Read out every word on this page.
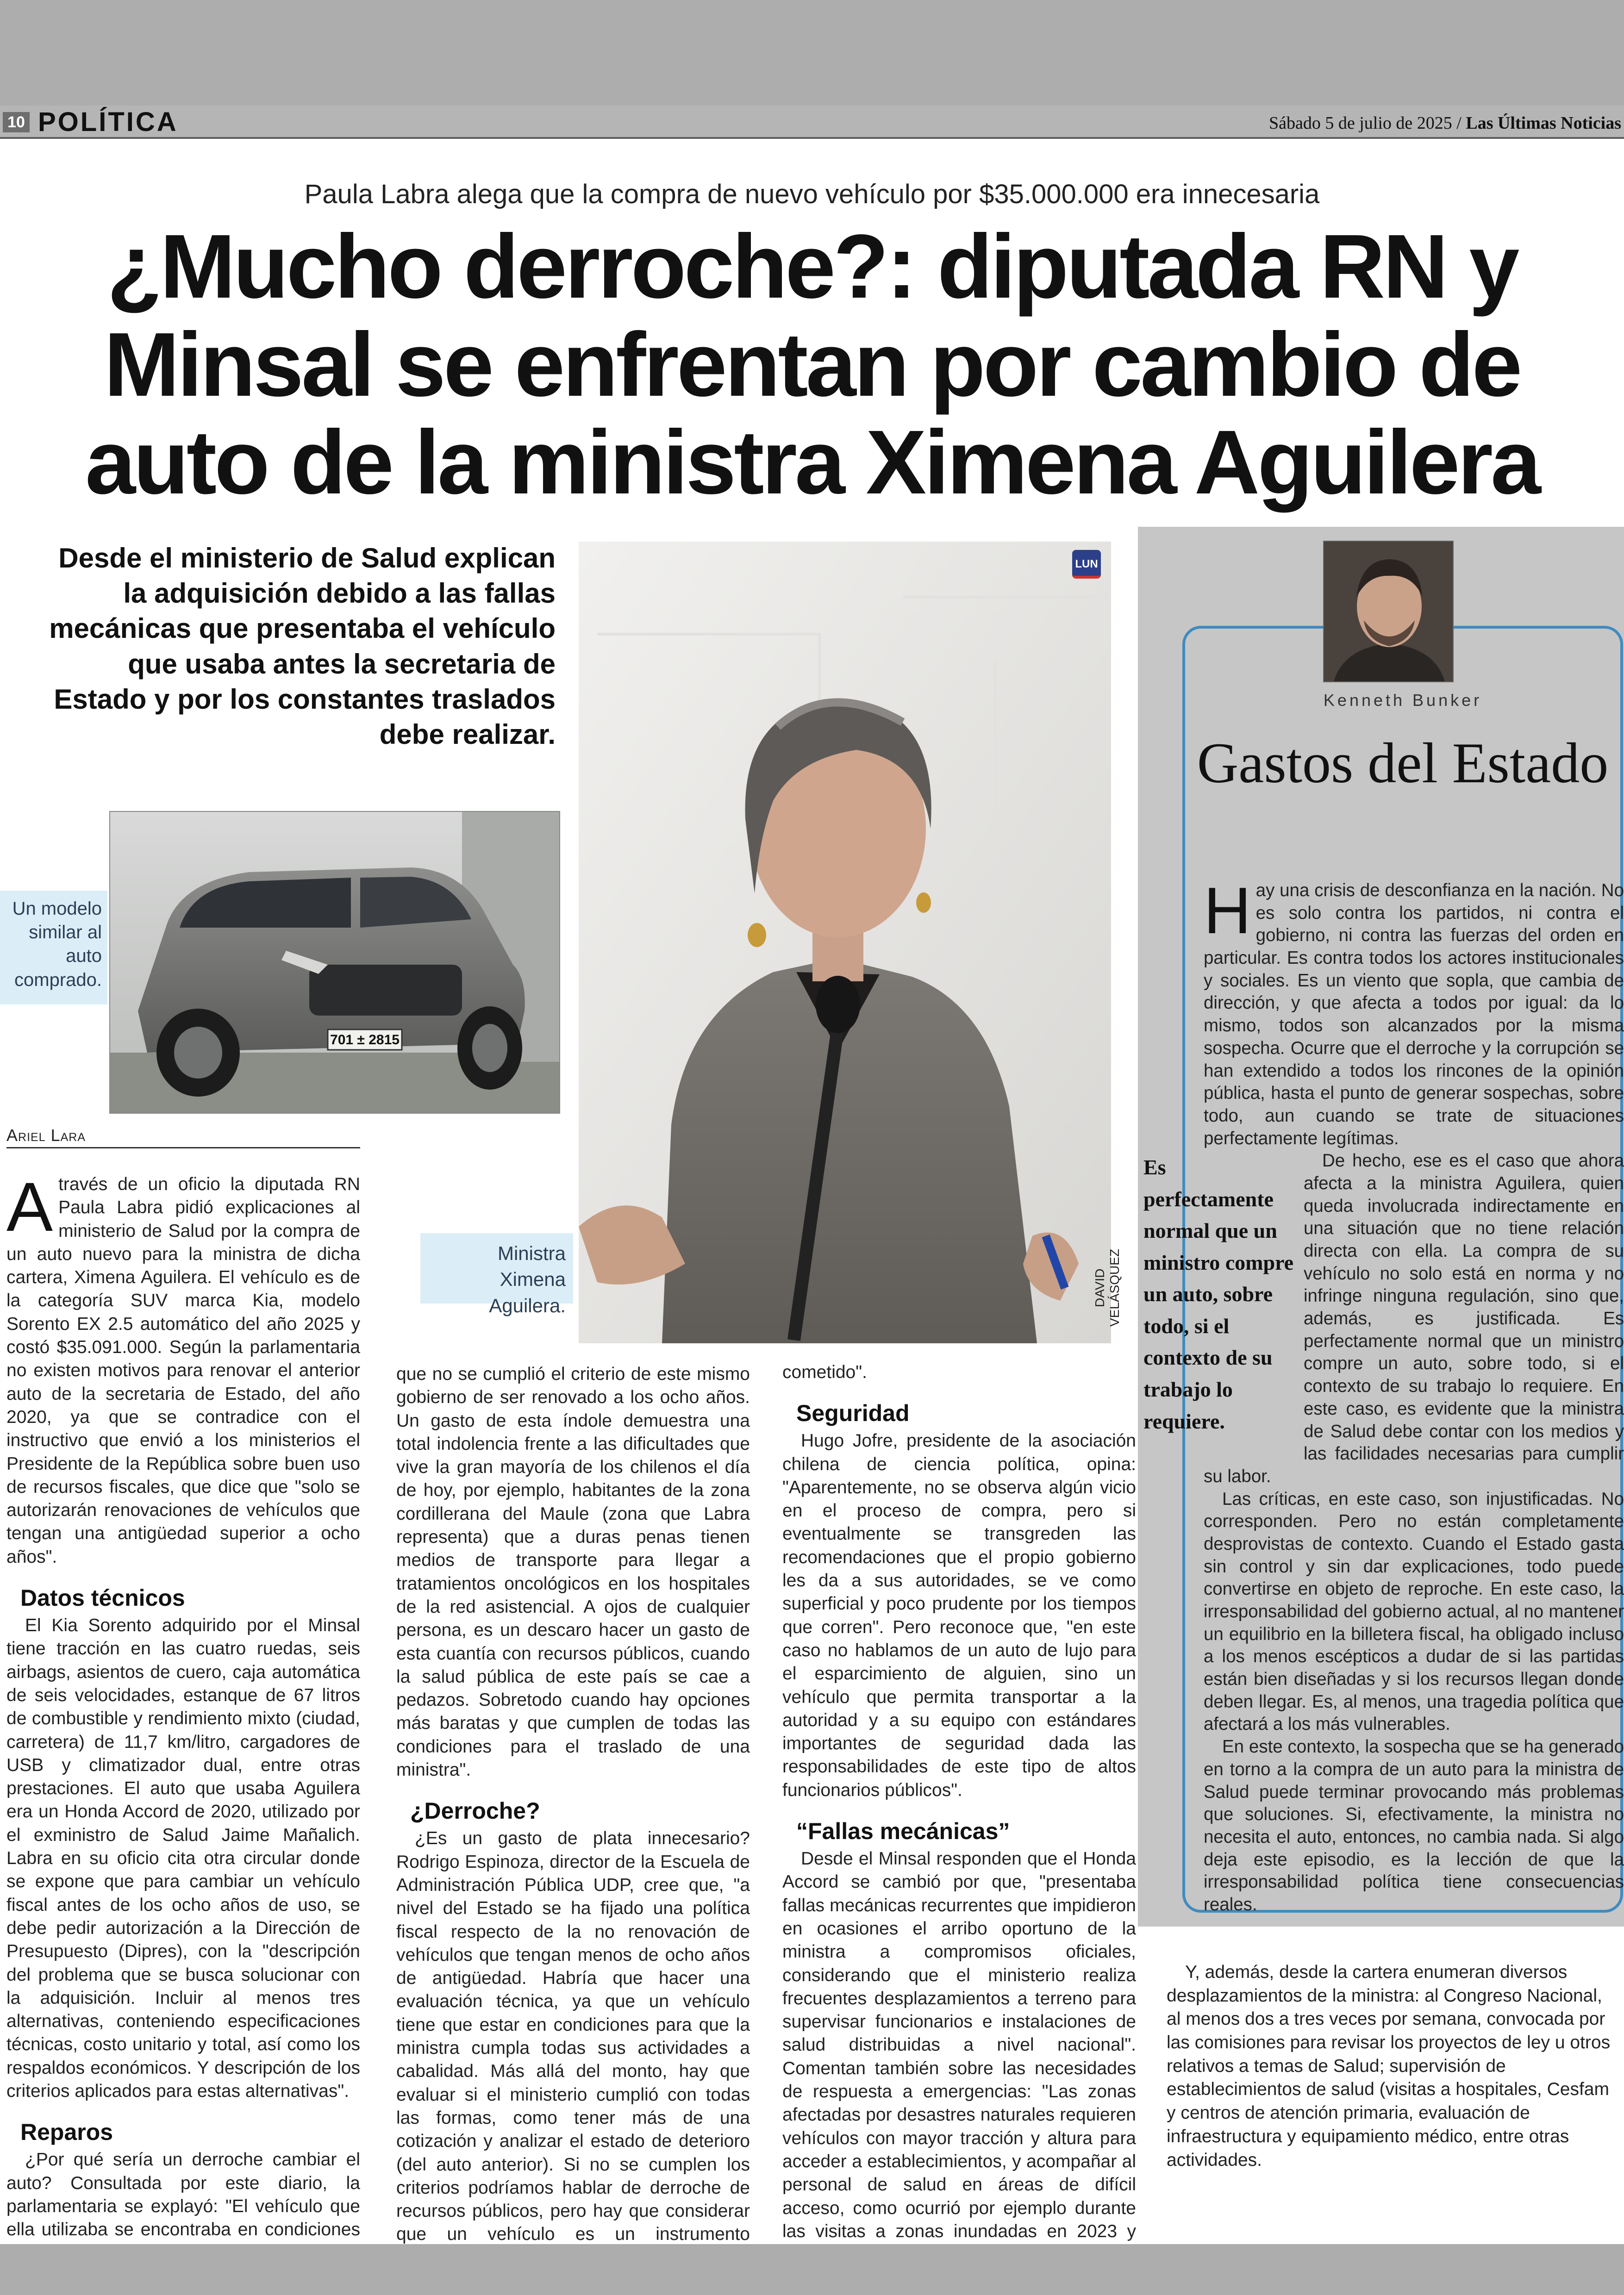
10 POLÍTICA	Sábado 5 de julio de 2025 / Las Últimas Noticias
Paula Labra alega que la compra de nuevo vehículo por $35.000.000 era innecesaria
¿Mucho derroche?: diputada RN y Minsal se enfrentan por cambio de auto de la ministra Ximena Aguilera
Desde el ministerio de Salud explican la adquisición debido a las fallas mecánicas que presentaba el vehículo que usaba antes la secretaria de Estado y por los constantes traslados debe realizar.
701 ± 2815
Un modelo similar al auto comprado.
LUN
DAVID VELÁSQUEZ
Ministra Ximena Aguilera.
Ariel Lara

Através de un oficio la diputada RN Paula Labra pidió explicaciones al ministerio de Salud por la compra de un auto nuevo para la ministra de dicha cartera, Ximena Aguilera. El vehículo es de la categoría SUV marca Kia, modelo Sorento EX 2.5 automático del año 2025 y costó $35.091.000. Según la parlamentaria no existen motivos para renovar el anterior auto de la secretaria de Estado, del año 2020, ya que se contradice con el instructivo que envió a los ministerios el Presidente de la República sobre buen uso de recursos fiscales, que dice que "solo se autorizarán renovaciones de vehículos que tengan una antigüedad superior a ocho años".

Datos técnicos

El Kia Sorento adquirido por el Minsal tiene tracción en las cuatro ruedas, seis airbags, asientos de cuero, caja automática de seis velocidades, estanque de 67 litros de combustible y rendimiento mixto (ciudad, carretera) de 11,7 km/litro, cargadores de USB y climatizador dual, entre otras prestaciones. El auto que usaba Aguilera era un Honda Accord de 2020, utilizado por el exministro de Salud Jaime Mañalich. Labra en su oficio cita otra circular donde se expone que para cambiar un vehículo fiscal antes de los ocho años de uso, se debe pedir autorización a la Dirección de Presupuesto (Dipres), con la "descripción del problema que se busca solucionar con la adquisición. Incluir al menos tres alternativas, conteniendo especificaciones técnicas, costo unitario y total, así como los respaldos económicos. Y descripción de los criterios aplicados para estas alternativas".

Reparos

¿Por qué sería un derroche cambiar el auto? Consultada por este diario, la parlamentaria se explayó: "El vehículo que ella utilizaba se encontraba en condiciones

que no se cumplió el criterio de este mismo gobierno de ser renovado a los ocho años. Un gasto de esta índole demuestra una total indolencia frente a las dificultades que vive la gran mayoría de los chilenos el día de hoy, por ejemplo, habitantes de la zona cordillerana del Maule (zona que Labra representa) que a duras penas tienen medios de transporte para llegar a tratamientos oncológicos en los hospitales de la red asistencial. A ojos de cualquier persona, es un descaro hacer un gasto de esta cuantía con recursos públicos, cuando la salud pública de este país se cae a pedazos. Sobretodo cuando hay opciones más baratas y que cumplen de todas las condiciones para el traslado de una ministra".

¿Derroche?

¿Es un gasto de plata innecesario? Rodrigo Espinoza, director de la Escuela de Administración Pública UDP, cree que, "a nivel del Estado se ha fijado una política fiscal respecto de la no renovación de vehículos que tengan menos de ocho años de antigüedad. Habría que hacer una evaluación técnica, ya que un vehículo tiene que estar en condiciones para que la ministra cumpla todas sus actividades a cabalidad. Más allá del monto, hay que evaluar si el ministerio cumplió con todas las formas, como tener más de una cotización y analizar el estado de deterioro (del auto anterior). Si no se cumplen los criterios podríamos hablar de derroche de recursos públicos, pero hay que considerar que un vehículo es un instrumento

cometido".

Seguridad

Hugo Jofre, presidente de la asociación chilena de ciencia política, opina: "Aparentemente, no se observa algún vicio en el proceso de compra, pero si eventualmente se transgreden las recomendaciones que el propio gobierno les da a sus autoridades, se ve como superficial y poco prudente por los tiempos que corren". Pero reconoce que, "en este caso no hablamos de un auto de lujo para el esparcimiento de alguien, sino un vehículo que permita transportar a la autoridad y a su equipo con estándares importantes de seguridad dada las responsabilidades de este tipo de altos funcionarios públicos".

“Fallas mecánicas”

Desde el Minsal responden que el Honda Accord se cambió por que, "presentaba fallas mecánicas recurrentes que impidieron en ocasiones el arribo oportuno de la ministra a compromisos oficiales, considerando que el ministerio realiza frecuentes desplazamientos a terreno para supervisar funcionarios e instalaciones de salud distribuidas a nivel nacional". Comentan también sobre las necesidades de respuesta a emergencias: "Las zonas afectadas por desastres naturales requieren vehículos con mayor tracción y altura para acceder a establecimientos, y acompañar al personal de salud en áreas de difícil acceso, como ocurrió por ejemplo durante las visitas a zonas inundadas en 2023 y

Kenneth Bunker
Gastos del Estado

Hay una crisis de desconfianza en la nación. No es solo contra los partidos, ni contra el gobierno, ni contra las fuerzas del orden en particular. Es contra todos los actores institucionales y sociales. Es un viento que sopla, que cambia de dirección, y que afecta a todos por igual: da lo mismo, todos son alcanzados por la misma sospecha. Ocurre que el derroche y la corrupción se han extendido a todos los rincones de la opinión pública, hasta el punto de generar sospechas, sobre todo, aun cuando se trate de situaciones perfectamente legítimas.

Es perfectamente normal que un ministro compre un auto, sobre todo, si el contexto de su trabajo lo requiere.

De hecho, ese es el caso que ahora afecta a la ministra Aguilera, quien queda involucrada indirectamente en una situación que no tiene relación directa con ella. La compra de su vehículo no solo está en norma y no infringe ninguna regulación, sino que, además, es justificada. Es perfectamente normal que un ministro compre un auto, sobre todo, si el contexto de su trabajo lo requiere. En este caso, es evidente que la ministra de Salud debe contar con los medios y las facilidades necesarias para cumplir su labor.

Las críticas, en este caso, son injustificadas. No corresponden. Pero no están completamente desprovistas de contexto. Cuando el Estado gasta sin control y sin dar explicaciones, todo puede convertirse en objeto de reproche. En este caso, la irresponsabilidad del gobierno actual, al no mantener un equilibrio en la billetera fiscal, ha obligado incluso a los menos escépticos a dudar de si las partidas están bien diseñadas y si los recursos llegan donde deben llegar. Es, al menos, una tragedia política que afectará a los más vulnerables.

En este contexto, la sospecha que se ha generado en torno a la compra de un auto para la ministra de Salud puede terminar provocando más problemas que soluciones. Si, efectivamente, la ministra no necesita el auto, entonces, no cambia nada. Si algo deja este episodio, es la lección de que la irresponsabilidad política tiene consecuencias reales.

Y, además, desde la cartera enumeran diversos desplazamientos de la ministra: al Congreso Nacional, al menos dos a tres veces por semana, convocada por las comisiones para revisar los proyectos de ley u otros relativos a temas de Salud; supervisión de establecimientos de salud (visitas a hospitales, Cesfam y centros de atención primaria, evaluación de infraestructura y equipamiento médico, entre otras actividades.
